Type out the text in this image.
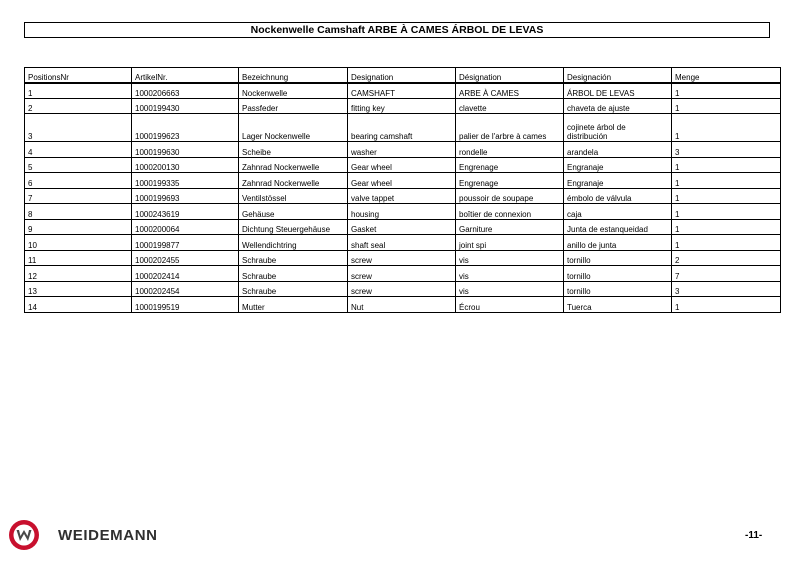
Nockenwelle Camshaft ARBE À CAMES ÁRBOL DE LEVAS
PositionsNr	ArtikelNr.	Bezeichnung	Designation	Désignation	Designación	Menge
1	1000206663	Nockenwelle	CAMSHAFT	ARBE À CAMES	ÁRBOL DE LEVAS	1
2	1000199430	Passfeder	fitting key	clavette	chaveta de ajuste	1
3	1000199623	Lager Nockenwelle	bearing camshaft	palier de l'arbre à cames	cojinete árbol de distribución	1
4	1000199630	Scheibe	washer	rondelle	arandela	3
5	1000200130	Zahnrad Nockenwelle	Gear wheel	Engrenage	Engranaje	1
6	1000199335	Zahnrad Nockenwelle	Gear wheel	Engrenage	Engranaje	1
7	1000199693	Ventilstössel	valve tappet	poussoir de soupape	émbolo de válvula	1
8	1000243619	Gehäuse	housing	boîtier de connexion	caja	1
9	1000200064	Dichtung Steuergehäuse	Gasket	Garniture	Junta de estanqueidad	1
10	1000199877	Wellendichtring	shaft seal	joint spi	anillo de junta	1
11	1000202455	Schraube	screw	vis	tornillo	2
12	1000202414	Schraube	screw	vis	tornillo	7
13	1000202454	Schraube	screw	vis	tornillo	3
14	1000199519	Mutter	Nut	Écrou	Tuerca	1
WEIDEMANN	-11-
